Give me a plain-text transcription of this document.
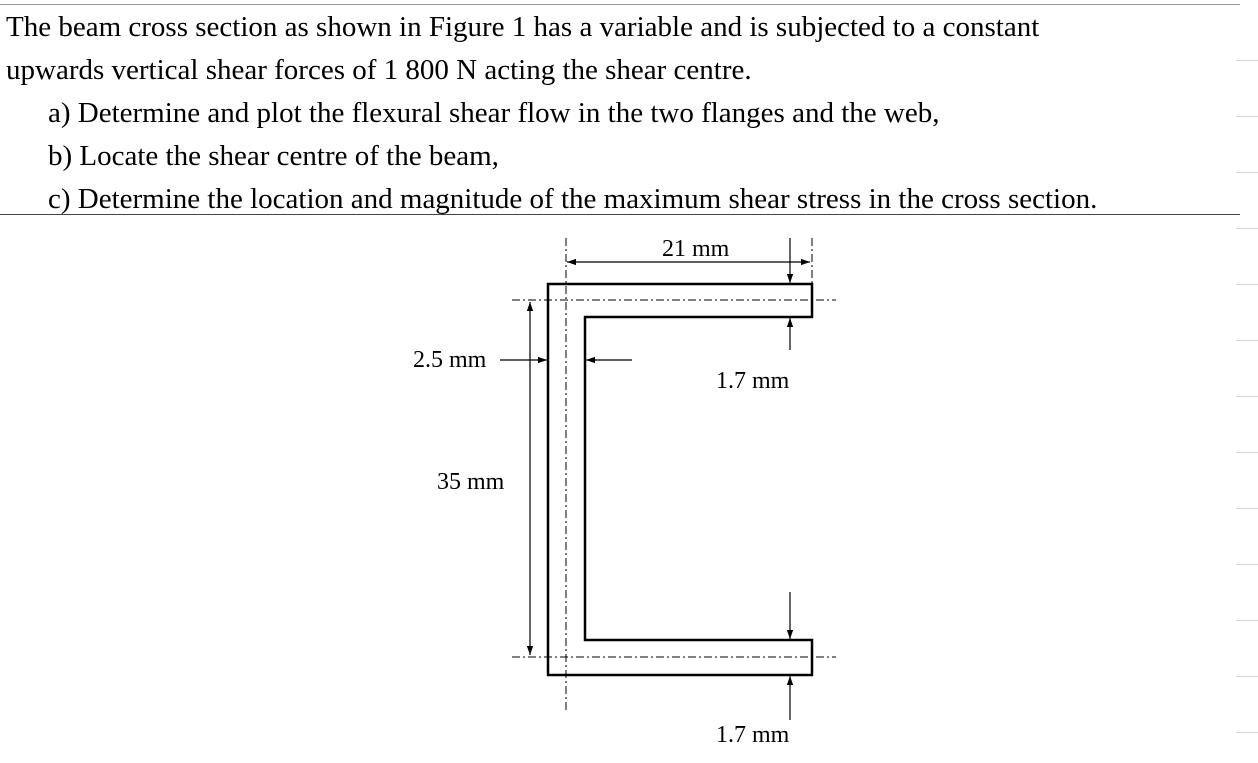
The beam cross section as shown in Figure 1 has a variable and is subjected to a constant

upwards vertical shear forces of 1 800 N acting the shear centre.

a) Determine and plot the flexural shear flow in the two flanges and the web,

b) Locate the shear centre of the beam,

c) Determine the location and magnitude of the maximum shear stress in the cross section.

21 mm
1.7 mm
2.5 mm
35 mm
1.7 mm
